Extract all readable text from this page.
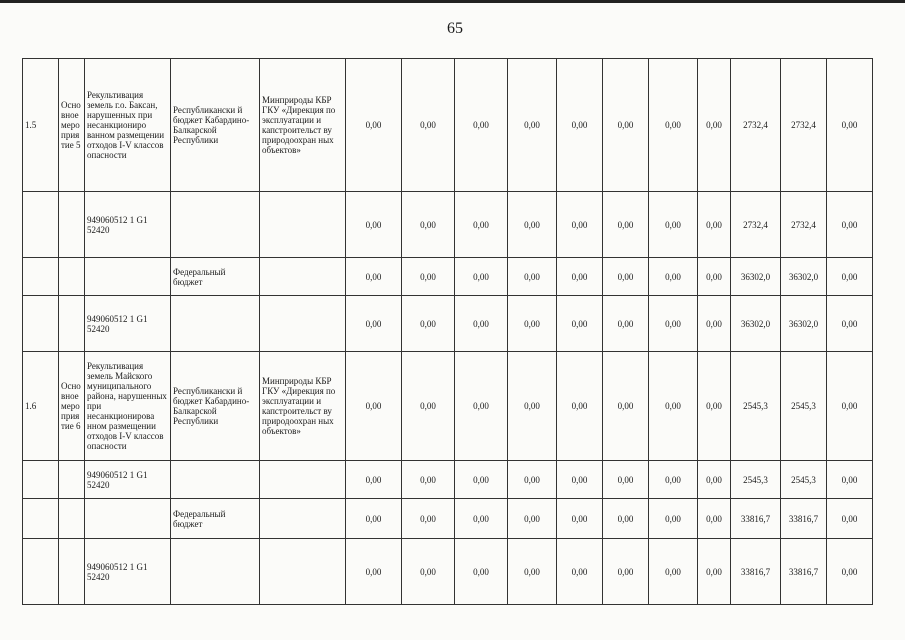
65
1.5	Осно вное меро прия тие 5	Рекультивация земель г.о. Баксан, нарушенных при несанкциониро ванном размещении отходов I-V классов опасности	Республикански й бюджет Кабардино-Балкарской Республики	Минприроды КБР ГКУ «Дирекция по эксплуатации и капстроительст ву природоохран ных объектов»	0,00	0,00	0,00	0,00	0,00	0,00	0,00	0,00	2732,4	2732,4	0,00
		949060512 1 G1 52420			0,00	0,00	0,00	0,00	0,00	0,00	0,00	0,00	2732,4	2732,4	0,00
			Федеральный бюджет		0,00	0,00	0,00	0,00	0,00	0,00	0,00	0,00	36302,0	36302,0	0,00
		949060512 1 G1 52420			0,00	0,00	0,00	0,00	0,00	0,00	0,00	0,00	36302,0	36302,0	0,00
1.6	Осно вное меро прия тие 6	Рекультивация земель Майского муниципального района, нарушенных при несанкционирова нном размещении отходов I-V классов опасности	Республикански й бюджет Кабардино-Балкарской Республики	Минприроды КБР ГКУ «Дирекция по эксплуатации и капстроительст ву природоохран ных объектов»	0,00	0,00	0,00	0,00	0,00	0,00	0,00	0,00	2545,3	2545,3	0,00
		949060512 1 G1 52420			0,00	0,00	0,00	0,00	0,00	0,00	0,00	0,00	2545,3	2545,3	0,00
			Федеральный бюджет		0,00	0,00	0,00	0,00	0,00	0,00	0,00	0,00	33816,7	33816,7	0,00
		949060512 1 G1 52420			0,00	0,00	0,00	0,00	0,00	0,00	0,00	0,00	33816,7	33816,7	0,00
